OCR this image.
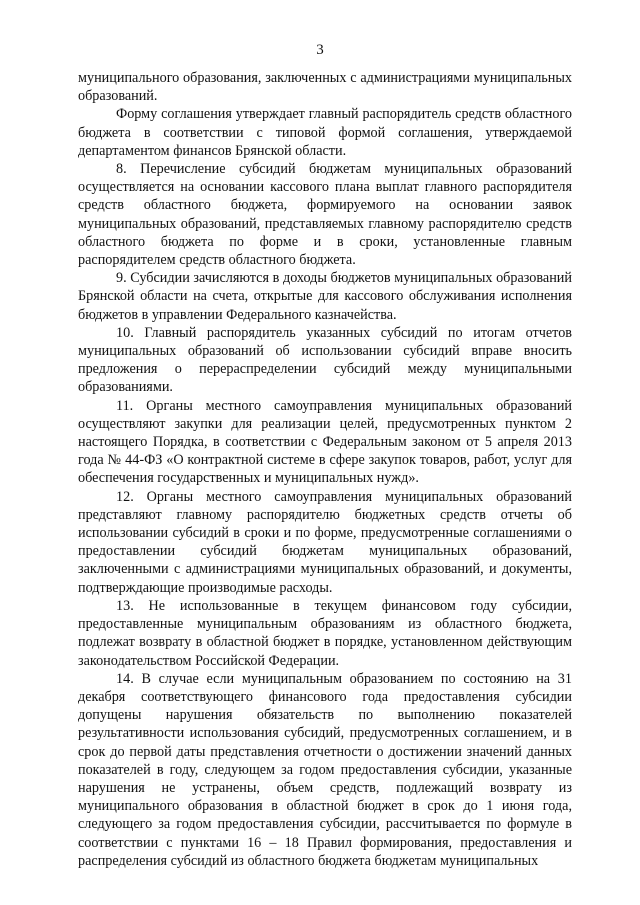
3

муниципального образования, заключенных с администрациями муниципальных образований.

Форму соглашения утверждает главный распорядитель средств областного бюджета в соответствии с типовой формой соглашения, утверждаемой департаментом финансов Брянской области.

8. Перечисление субсидий бюджетам муниципальных образований осуществляется на основании кассового плана выплат главного распорядителя средств областного бюджета, формируемого на основании заявок муниципальных образований, представляемых главному распорядителю средств областного бюджета по форме и в сроки, установленные главным распорядителем средств областного бюджета.

9. Субсидии зачисляются в доходы бюджетов муниципальных образований Брянской области на счета, открытые для кассового обслуживания исполнения бюджетов в управлении Федерального казначейства.

10. Главный распорядитель указанных субсидий по итогам отчетов муниципальных образований об использовании субсидий вправе вносить предложения о перераспределении субсидий между муниципальными образованиями.

11. Органы местного самоуправления муниципальных образований осуществляют закупки для реализации целей, предусмотренных пунктом 2 настоящего Порядка, в соответствии с Федеральным законом от 5 апреля 2013 года № 44-ФЗ «О контрактной системе в сфере закупок товаров, работ, услуг для обеспечения государственных и муниципальных нужд».

12. Органы местного самоуправления муниципальных образований представляют главному распорядителю бюджетных средств отчеты об использовании субсидий в сроки и по форме, предусмотренные соглашениями о предоставлении субсидий бюджетам муниципальных образований, заключенными с администрациями муниципальных образований, и документы, подтверждающие производимые расходы.

13. Не использованные в текущем финансовом году субсидии, предоставленные муниципальным образованиям из областного бюджета, подлежат возврату в областной бюджет в порядке, установленном действующим законодательством Российской Федерации.

14. В случае если муниципальным образованием по состоянию на 31 декабря соответствующего финансового года предоставления субсидии допущены нарушения обязательств по выполнению показателей результативности использования субсидий, предусмотренных соглашением, и в срок до первой даты представления отчетности о достижении значений данных показателей в году, следующем за годом предоставления субсидии, указанные нарушения не устранены, объем средств, подлежащий возврату из муниципального образования в областной бюджет в срок до 1 июня года, следующего за годом предоставления субсидии, рассчитывается по формуле в соответствии с пунктами 16 – 18 Правил формирования, предоставления и распределения субсидий из областного бюджета бюджетам муниципальных
